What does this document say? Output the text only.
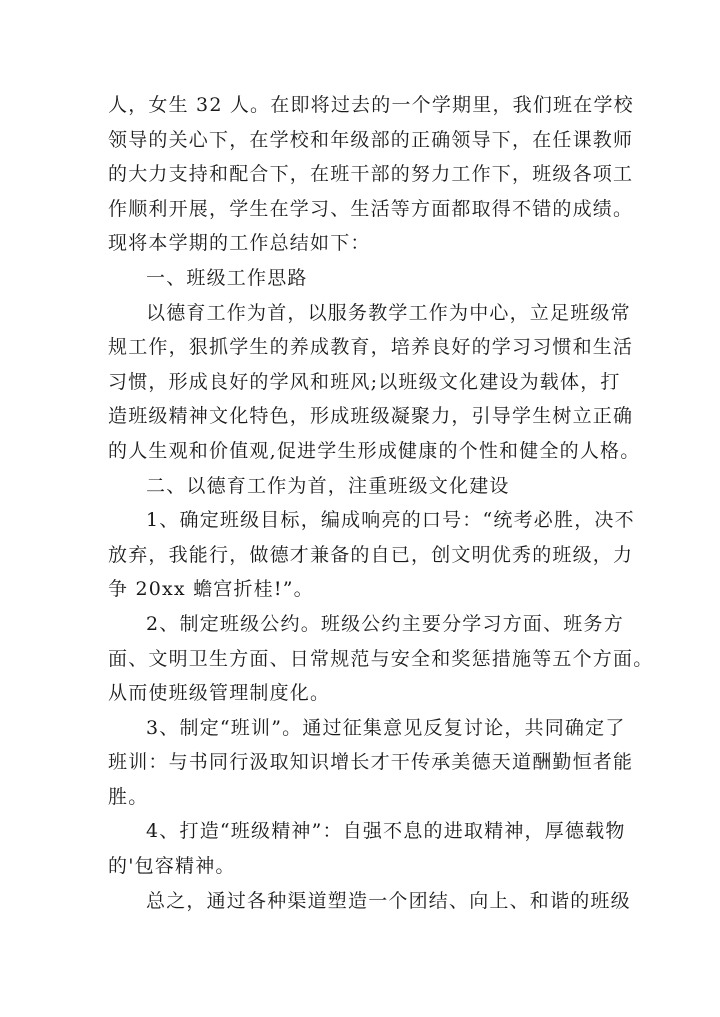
人，女生 32 人。在即将过去的一个学期里，我们班在学校
领导的关心下，在学校和年级部的正确领导下，在任课教师
的大力支持和配合下，在班干部的努力工作下，班级各项工
作顺利开展，学生在学习、生活等方面都取得不错的成绩。
现将本学期的工作总结如下：
一、班级工作思路
以德育工作为首，以服务教学工作为中心，立足班级常
规工作，狠抓学生的养成教育，培养良好的学习习惯和生活
习惯，形成良好的学风和班风;以班级文化建设为载体，打
造班级精神文化特色，形成班级凝聚力，引导学生树立正确
的人生观和价值观,促进学生形成健康的个性和健全的人格。
二、以德育工作为首，注重班级文化建设
1、确定班级目标，编成响亮的口号：“统考必胜，决不
放弃，我能行，做德才兼备的自已，创文明优秀的班级，力
争 20xx 蟾宫折桂!”。
2、制定班级公约。班级公约主要分学习方面、班务方
面、文明卫生方面、日常规范与安全和奖惩措施等五个方面。
从而使班级管理制度化。
3、制定“班训”。通过征集意见反复讨论，共同确定了
班训：与书同行汲取知识增长才干传承美德天道酬勤恒者能
胜。
4、打造“班级精神”：自强不息的进取精神，厚德载物
的'包容精神。
总之，通过各种渠道塑造一个团结、向上、和谐的班级
